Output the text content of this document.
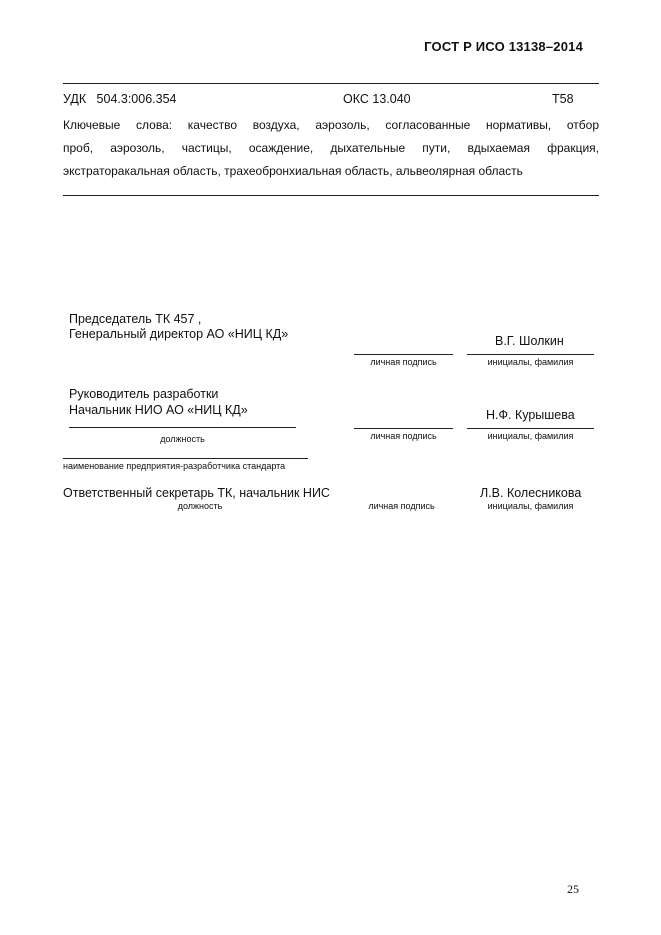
ГОСТ Р ИСО 13138–2014
УДК   504.3:006.354	ОКС 13.040	Т58
Ключевые слова: качество воздуха, аэрозоль, согласованные нормативы, отбор
проб, аэрозоль, частицы, осаждение, дыхательные пути, вдыхаемая фракция,
экстраторакальная область, трахеобронхиальная область, альвеолярная область
Председатель ТК 457 ,
Генеральный директор АО «НИЦ КД»	В.Г. Шолкин
личная подпись	инициалы, фамилия
Руководитель разработки
Начальник НИО АО «НИЦ КД»	Н.Ф. Курышева
должность	личная подпись	инициалы, фамилия
наименование предприятия-разработчика стандарта
Ответственный секретарь ТК, начальник НИС	Л.В. Колесникова
должность	личная подпись	инициалы, фамилия
25
